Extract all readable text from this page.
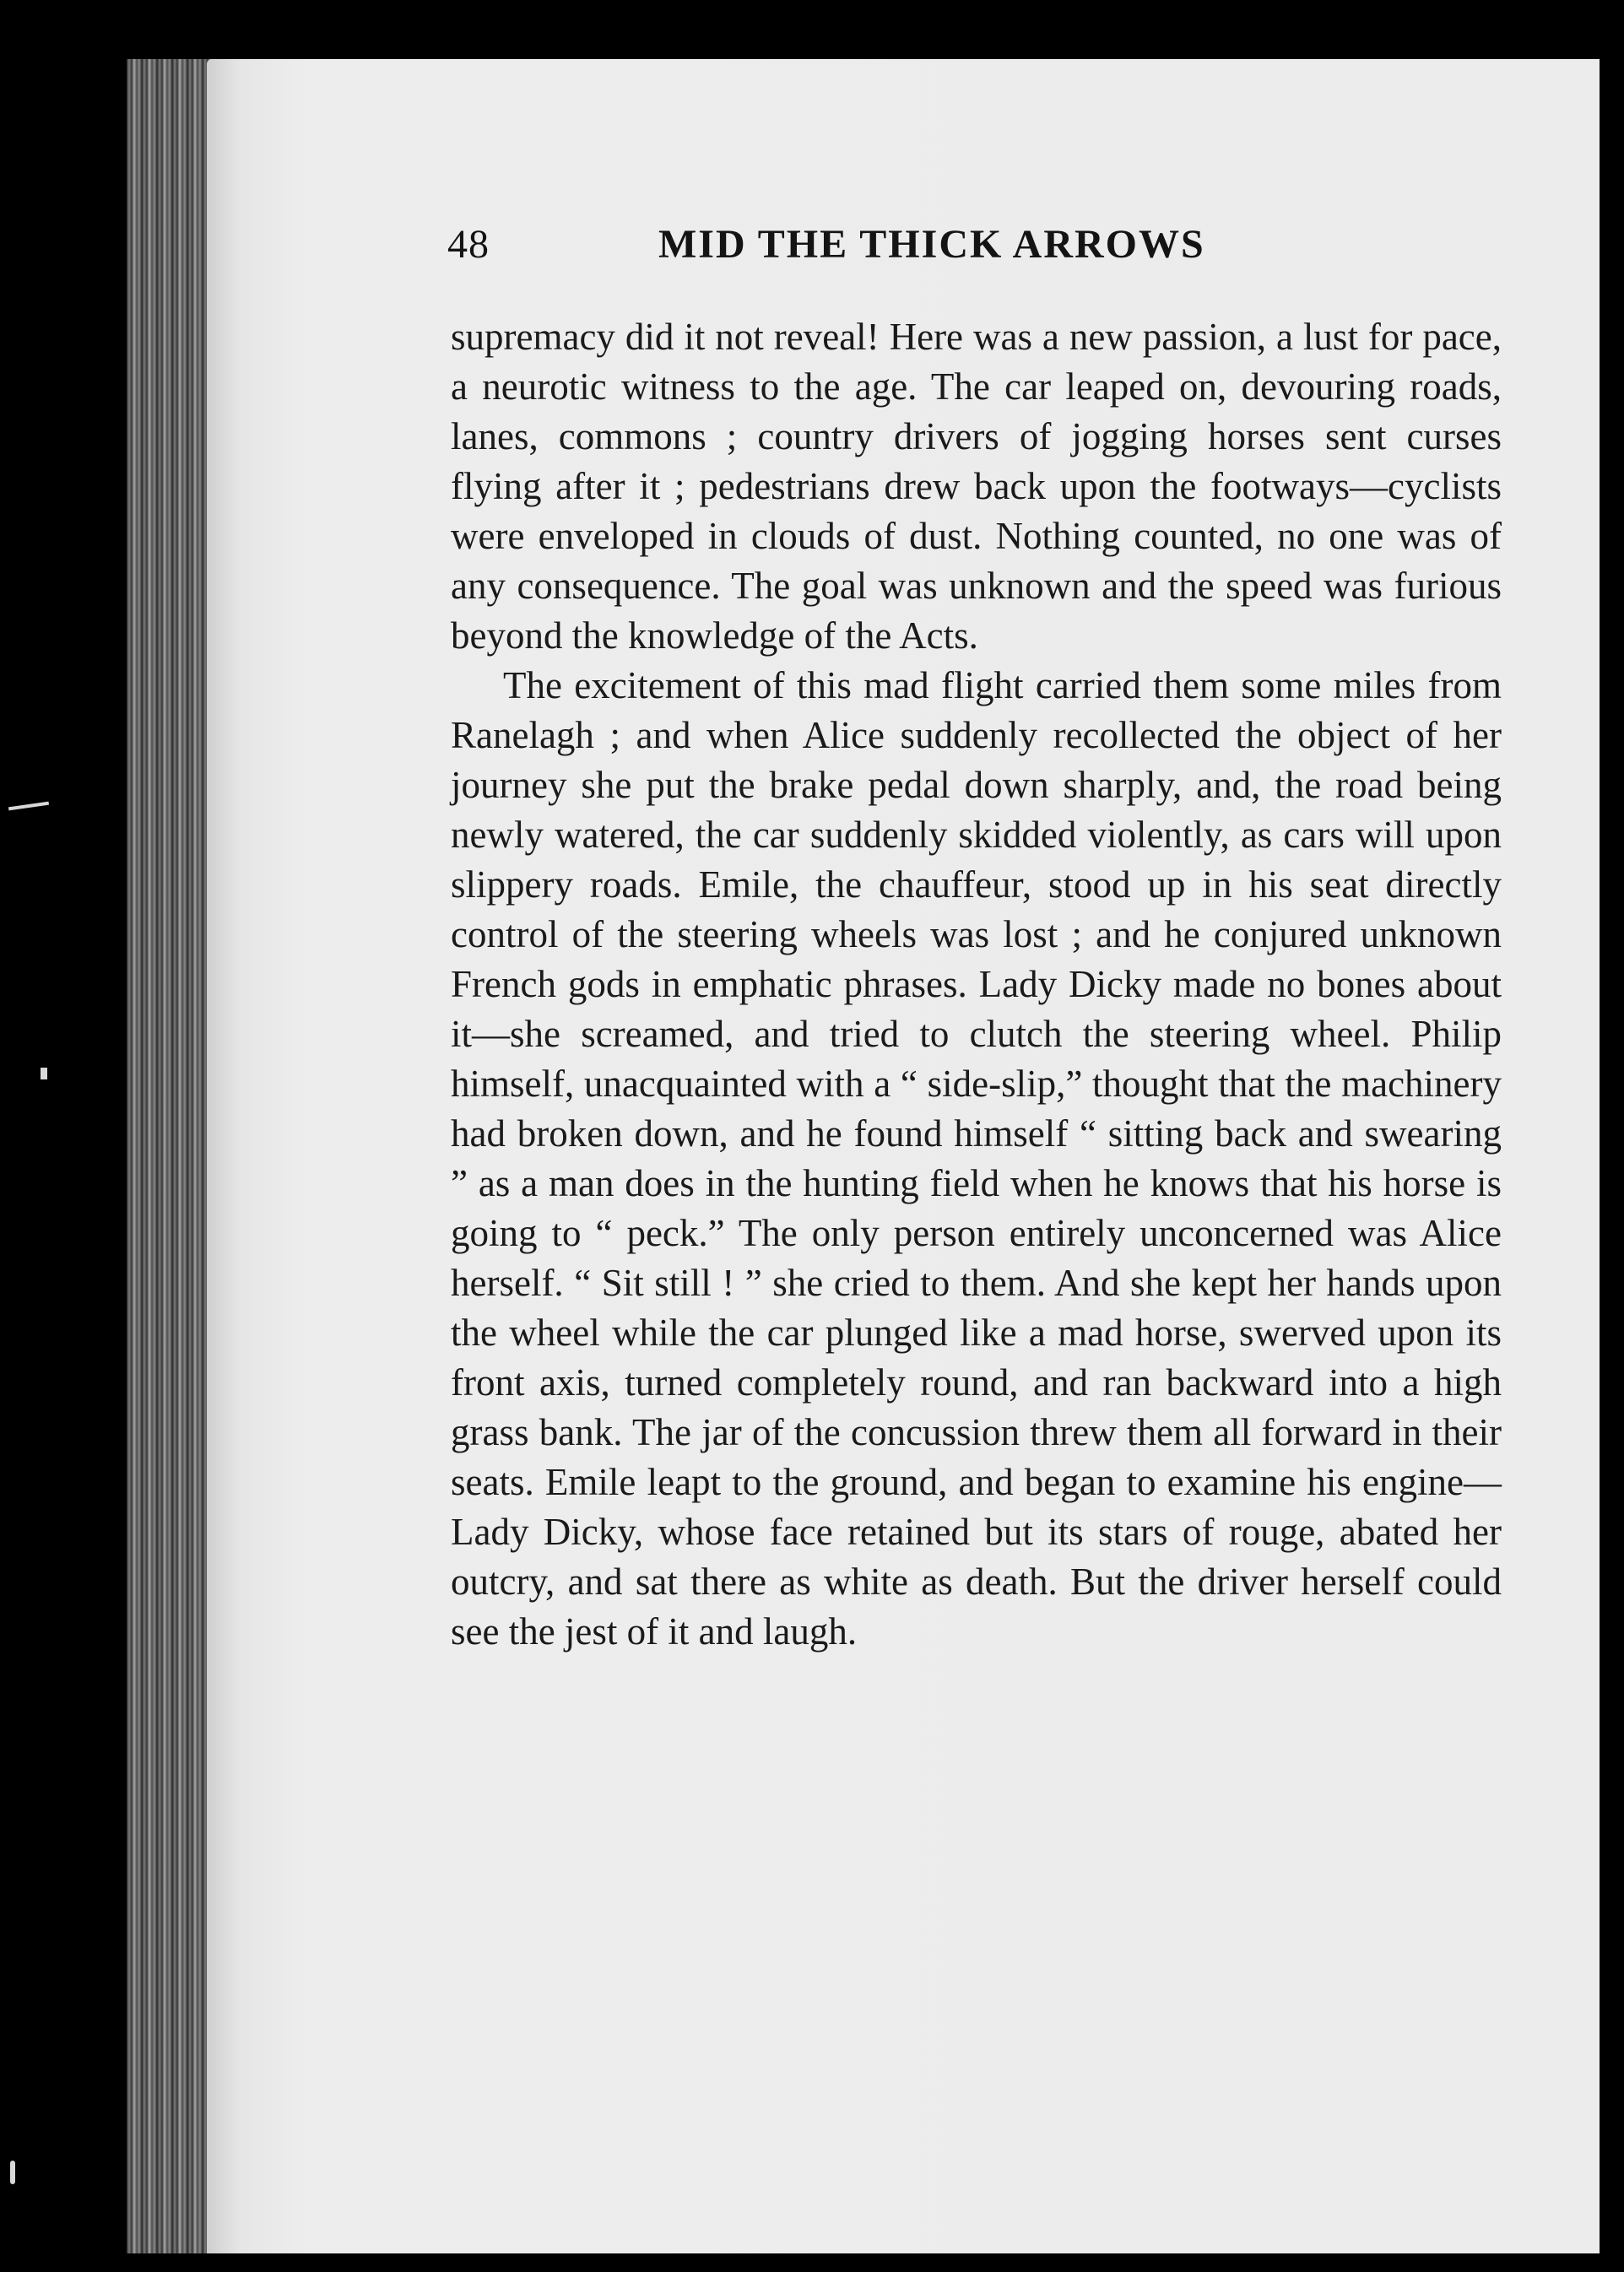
48	MID THE THICK ARROWS

supremacy did it not reveal! Here was a new passion, a lust for pace, a neurotic witness to the age. The car leaped on, devouring roads, lanes, commons ; country drivers of jogging horses sent curses flying after it ; pedestrians drew back upon the footways—cyclists were enveloped in clouds of dust. Nothing counted, no one was of any consequence. The goal was unknown and the speed was furious beyond the knowledge of the Acts.

The excitement of this mad flight carried them some miles from Ranelagh ; and when Alice suddenly recollected the object of her journey she put the brake pedal down sharply, and, the road being newly watered, the car suddenly skidded violently, as cars will upon slippery roads. Emile, the chauffeur, stood up in his seat directly control of the steering wheels was lost ; and he conjured unknown French gods in emphatic phrases. Lady Dicky made no bones about it—she screamed, and tried to clutch the steering wheel. Philip himself, unacquainted with a “ side-slip,” thought that the machinery had broken down, and he found himself “ sitting back and swearing ” as a man does in the hunting field when he knows that his horse is going to “ peck.” The only person entirely unconcerned was Alice herself. “ Sit still ! ” she cried to them. And she kept her hands upon the wheel while the car plunged like a mad horse, swerved upon its front axis, turned completely round, and ran backward into a high grass bank. The jar of the concussion threw them all forward in their seats. Emile leapt to the ground, and began to examine his engine—Lady Dicky, whose face retained but its stars of rouge, abated her outcry, and sat there as white as death. But the driver herself could see the jest of it and laugh.
